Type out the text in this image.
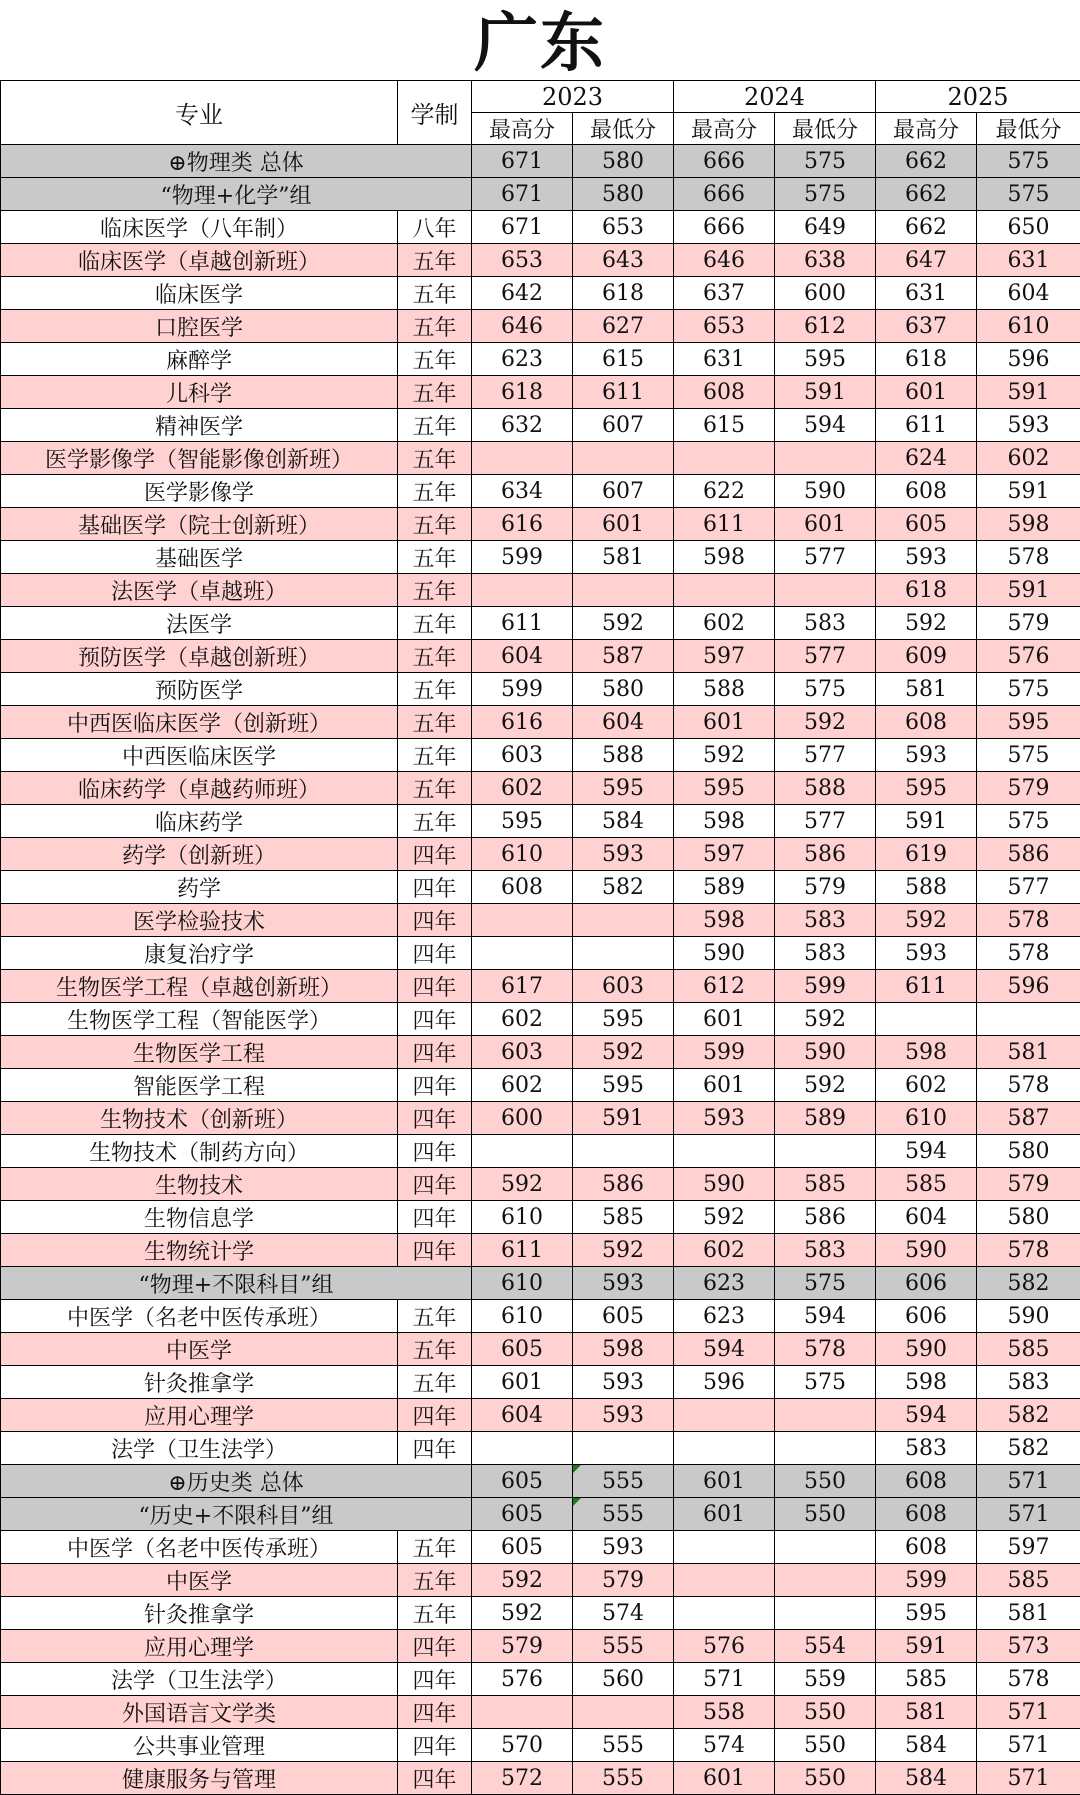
广东
专业	学制	2023		2024		2025	
		最高分	最低分	最高分	最低分	最高分	最低分
⊕物理类 总体		671	580	666	575	662	575
“物理+化学”组		671	580	666	575	662	575
临床医学（八年制）	八年	671	653	666	649	662	650
临床医学（卓越创新班）	五年	653	643	646	638	647	631
临床医学	五年	642	618	637	600	631	604
口腔医学	五年	646	627	653	612	637	610
麻醉学	五年	623	615	631	595	618	596
儿科学	五年	618	611	608	591	601	591
精神医学	五年	632	607	615	594	611	593
医学影像学（智能影像创新班）	五年					624	602
医学影像学	五年	634	607	622	590	608	591
基础医学（院士创新班）	五年	616	601	611	601	605	598
基础医学	五年	599	581	598	577	593	578
法医学（卓越班）	五年					618	591
法医学	五年	611	592	602	583	592	579
预防医学（卓越创新班）	五年	604	587	597	577	609	576
预防医学	五年	599	580	588	575	581	575
中西医临床医学（创新班）	五年	616	604	601	592	608	595
中西医临床医学	五年	603	588	592	577	593	575
临床药学（卓越药师班）	五年	602	595	595	588	595	579
临床药学	五年	595	584	598	577	591	575
药学（创新班）	四年	610	593	597	586	619	586
药学	四年	608	582	589	579	588	577
医学检验技术	四年			598	583	592	578
康复治疗学	四年			590	583	593	578
生物医学工程（卓越创新班）	四年	617	603	612	599	611	596
生物医学工程（智能医学）	四年	602	595	601	592		
生物医学工程	四年	603	592	599	590	598	581
智能医学工程	四年	602	595	601	592	602	578
生物技术（创新班）	四年	600	591	593	589	610	587
生物技术（制药方向）	四年					594	580
生物技术	四年	592	586	590	585	585	579
生物信息学	四年	610	585	592	586	604	580
生物统计学	四年	611	592	602	583	590	578
“物理+不限科目”组		610	593	623	575	606	582
中医学（名老中医传承班）	五年	610	605	623	594	606	590
中医学	五年	605	598	594	578	590	585
针灸推拿学	五年	601	593	596	575	598	583
应用心理学	四年	604	593			594	582
法学（卫生法学）	四年					583	582
⊕历史类 总体		605	555	601	550	608	571
“历史+不限科目”组		605	555	601	550	608	571
中医学（名老中医传承班）	五年	605	593			608	597
中医学	五年	592	579			599	585
针灸推拿学	五年	592	574			595	581
应用心理学	四年	579	555	576	554	591	573
法学（卫生法学）	四年	576	560	571	559	585	578
外国语言文学类	四年			558	550	581	571
公共事业管理	四年	570	555	574	550	584	571
健康服务与管理	四年	572	555	601	550	584	571
